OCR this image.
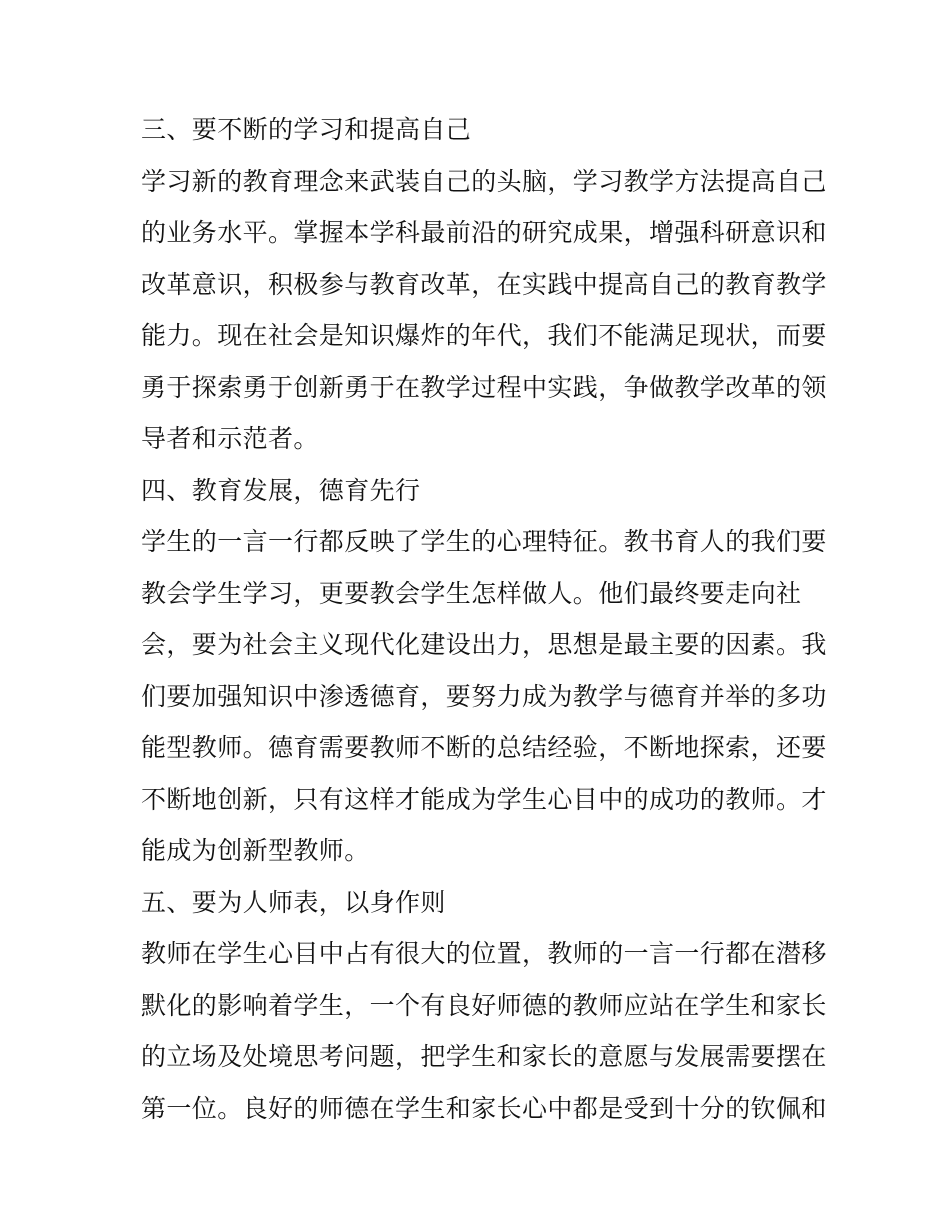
三、要不断的学习和提高自己
学习新的教育理念来武装自己的头脑，学习教学方法提高自己
的业务水平。掌握本学科最前沿的研究成果，增强科研意识和
改革意识，积极参与教育改革，在实践中提高自己的教育教学
能力。现在社会是知识爆炸的年代，我们不能满足现状，而要
勇于探索勇于创新勇于在教学过程中实践，争做教学改革的领
导者和示范者。
四、教育发展，德育先行
学生的一言一行都反映了学生的心理特征。教书育人的我们要
教会学生学习，更要教会学生怎样做人。他们最终要走向社
会，要为社会主义现代化建设出力，思想是最主要的因素。我
们要加强知识中渗透德育，要努力成为教学与德育并举的多功
能型教师。德育需要教师不断的总结经验，不断地探索，还要
不断地创新，只有这样才能成为学生心目中的成功的教师。才
能成为创新型教师。
五、要为人师表，以身作则
教师在学生心目中占有很大的位置，教师的一言一行都在潜移
默化的影响着学生，一个有良好师德的教师应站在学生和家长
的立场及处境思考问题，把学生和家长的意愿与发展需要摆在
第一位。良好的师德在学生和家长心中都是受到十分的钦佩和
